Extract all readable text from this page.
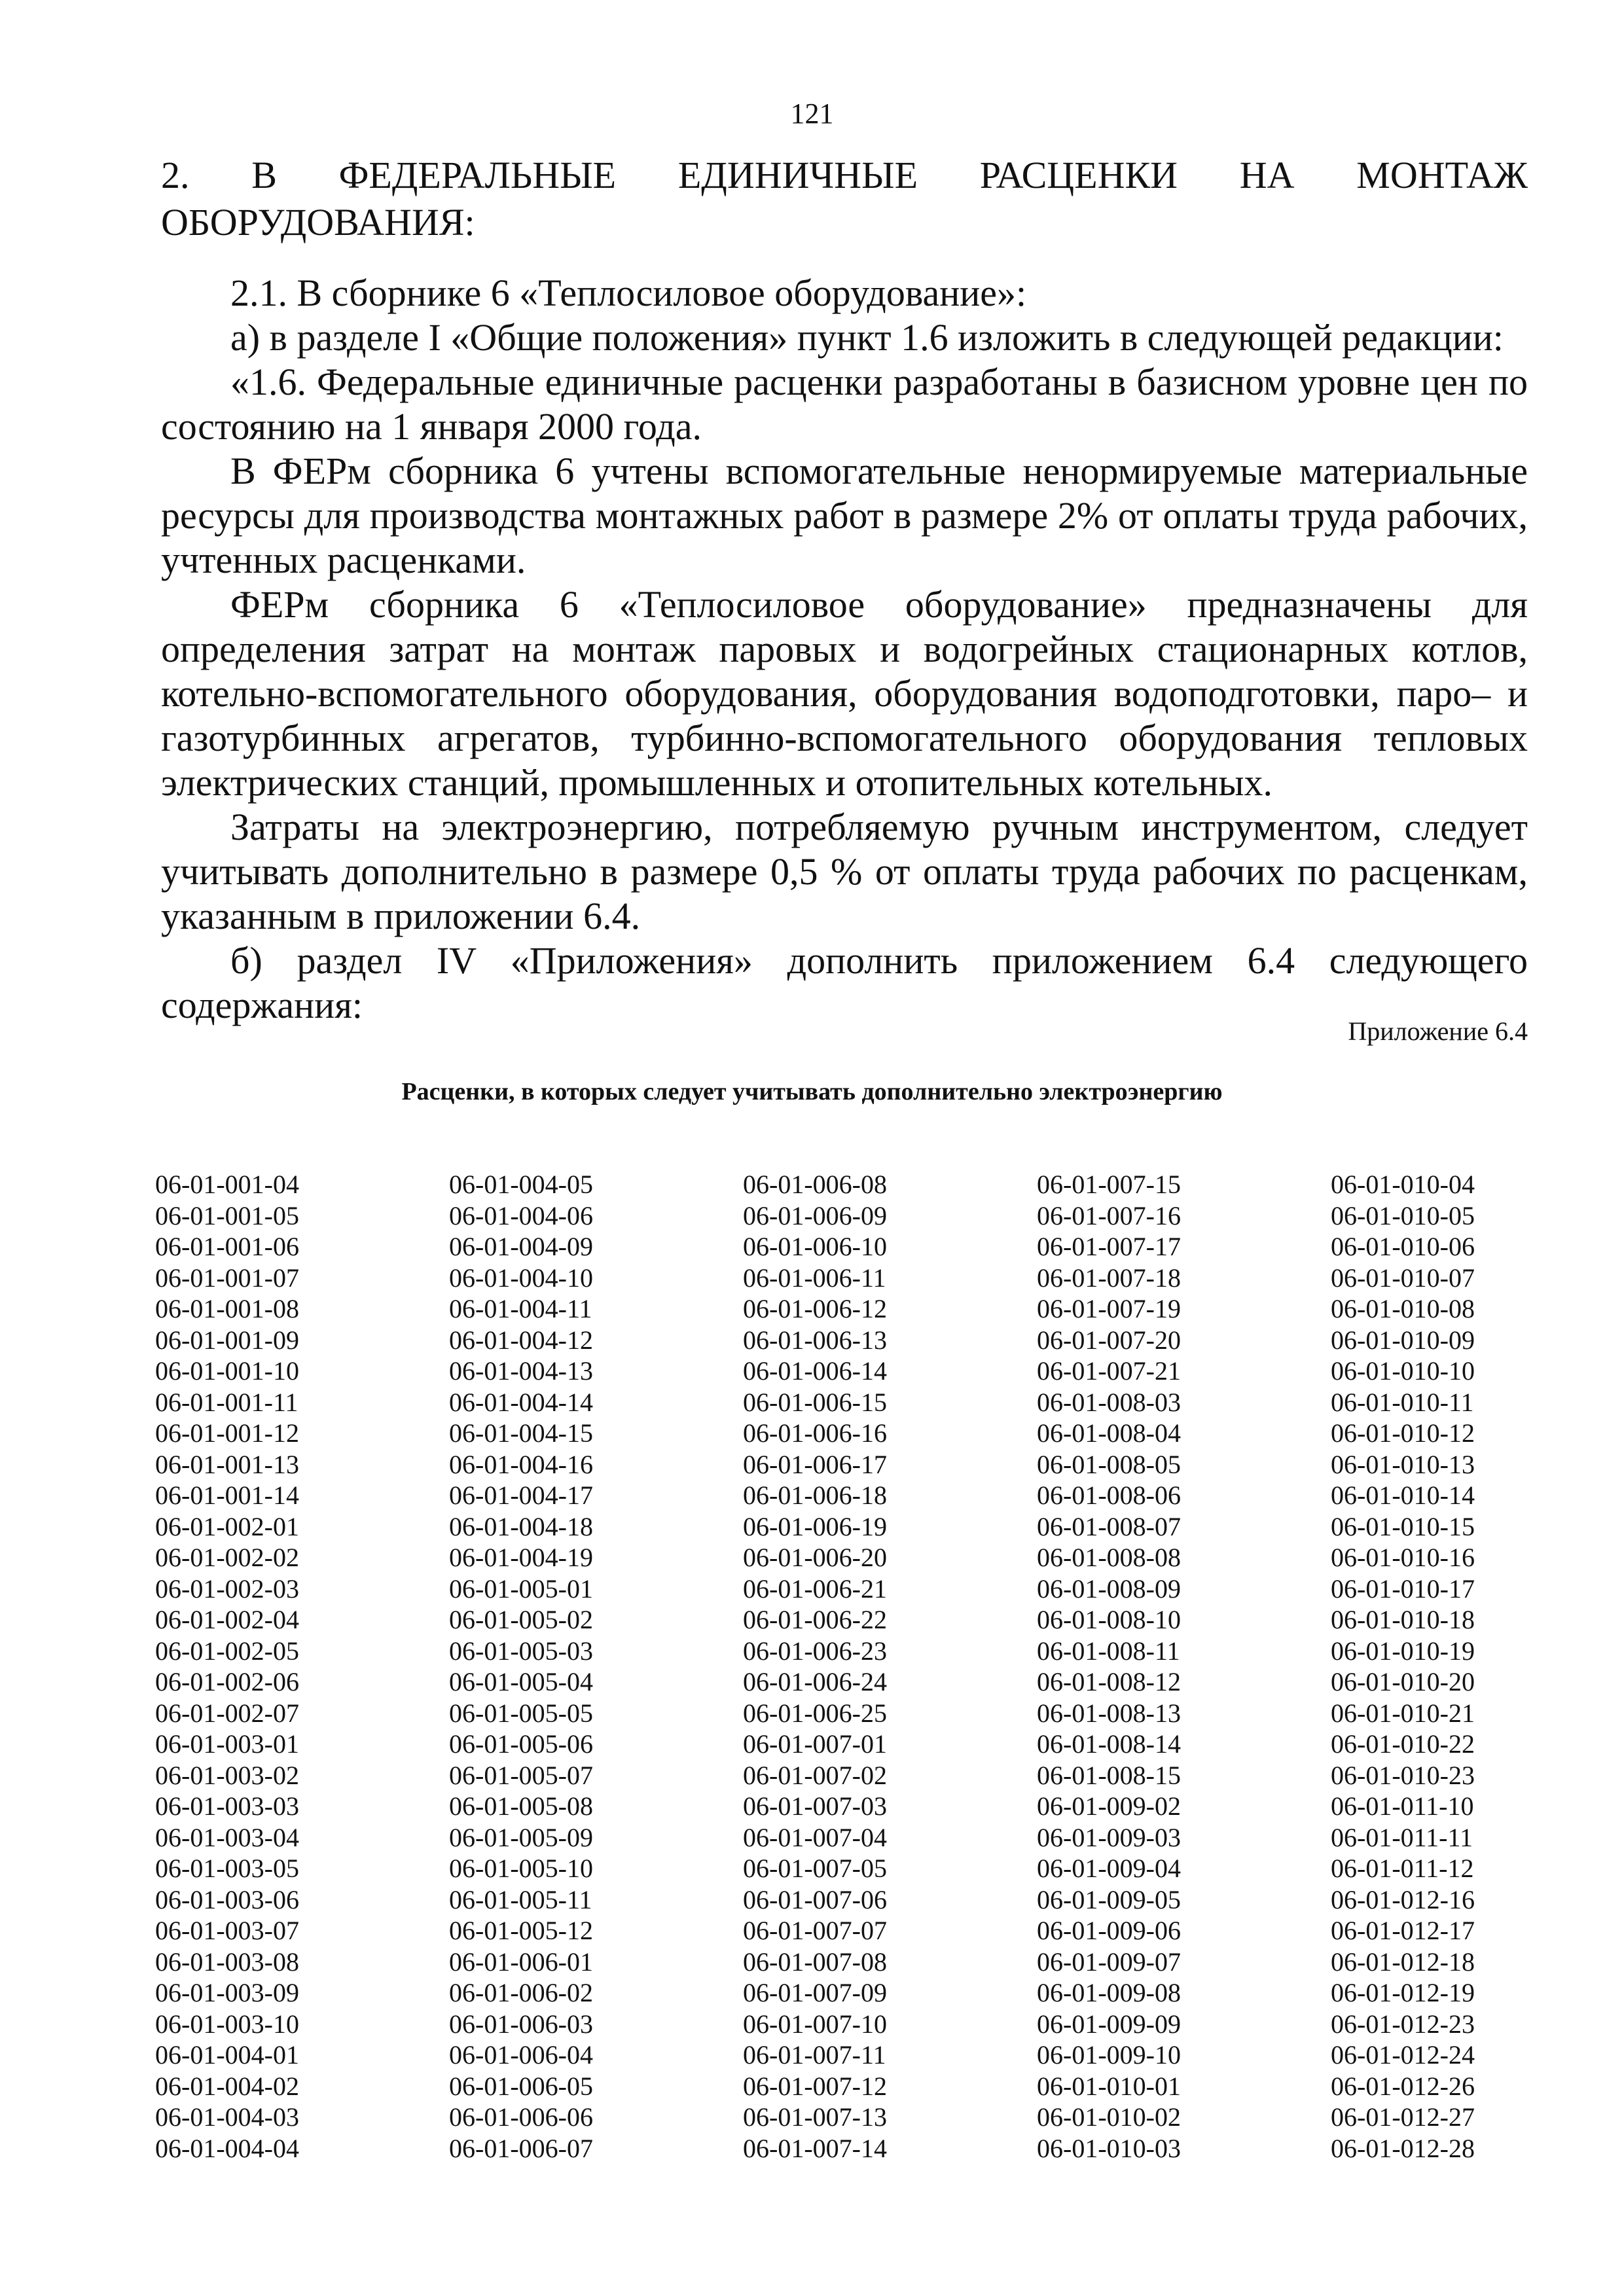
121

2. В ФЕДЕРАЛЬНЫЕ ЕДИНИЧНЫЕ РАСЦЕНКИ НА МОНТАЖ

ОБОРУДОВАНИЯ:

2.1. В сборнике 6 «Теплосиловое оборудование»:

а) в разделе I «Общие положения» пункт 1.6 изложить в следующей редакции:

«1.6. Федеральные единичные расценки разработаны в базисном уровне цен по состоянию на 1 января 2000 года.

В ФЕРм сборника 6 учтены вспомогательные ненормируемые материальные ресурсы для производства монтажных работ в размере 2% от оплаты труда рабочих, учтенных расценками.

ФЕРм сборника 6 «Теплосиловое оборудование» предназначены для определения затрат на монтаж паровых и водогрейных стационарных котлов, котельно-вспомогательного оборудования, оборудования водоподготовки, паро– и газотурбинных агрегатов, турбинно-вспомогательного оборудования тепловых электрических станций, промышленных и отопительных котельных.

Затраты на электроэнергию, потребляемую ручным инструментом, следует учитывать дополнительно в размере 0,5 % от оплаты труда рабочих по расценкам, указанным в приложении 6.4.

б) раздел IV «Приложения» дополнить приложением 6.4 следующего содержания:

Приложение 6.4
Расценки, в которых следует учитывать дополнительно электроэнергию
06-01-001-04
06-01-001-05
06-01-001-06
06-01-001-07
06-01-001-08
06-01-001-09
06-01-001-10
06-01-001-11
06-01-001-12
06-01-001-13
06-01-001-14
06-01-002-01
06-01-002-02
06-01-002-03
06-01-002-04
06-01-002-05
06-01-002-06
06-01-002-07
06-01-003-01
06-01-003-02
06-01-003-03
06-01-003-04
06-01-003-05
06-01-003-06
06-01-003-07
06-01-003-08
06-01-003-09
06-01-003-10
06-01-004-01
06-01-004-02
06-01-004-03
06-01-004-04
06-01-004-05
06-01-004-06
06-01-004-09
06-01-004-10
06-01-004-11
06-01-004-12
06-01-004-13
06-01-004-14
06-01-004-15
06-01-004-16
06-01-004-17
06-01-004-18
06-01-004-19
06-01-005-01
06-01-005-02
06-01-005-03
06-01-005-04
06-01-005-05
06-01-005-06
06-01-005-07
06-01-005-08
06-01-005-09
06-01-005-10
06-01-005-11
06-01-005-12
06-01-006-01
06-01-006-02
06-01-006-03
06-01-006-04
06-01-006-05
06-01-006-06
06-01-006-07
06-01-006-08
06-01-006-09
06-01-006-10
06-01-006-11
06-01-006-12
06-01-006-13
06-01-006-14
06-01-006-15
06-01-006-16
06-01-006-17
06-01-006-18
06-01-006-19
06-01-006-20
06-01-006-21
06-01-006-22
06-01-006-23
06-01-006-24
06-01-006-25
06-01-007-01
06-01-007-02
06-01-007-03
06-01-007-04
06-01-007-05
06-01-007-06
06-01-007-07
06-01-007-08
06-01-007-09
06-01-007-10
06-01-007-11
06-01-007-12
06-01-007-13
06-01-007-14
06-01-007-15
06-01-007-16
06-01-007-17
06-01-007-18
06-01-007-19
06-01-007-20
06-01-007-21
06-01-008-03
06-01-008-04
06-01-008-05
06-01-008-06
06-01-008-07
06-01-008-08
06-01-008-09
06-01-008-10
06-01-008-11
06-01-008-12
06-01-008-13
06-01-008-14
06-01-008-15
06-01-009-02
06-01-009-03
06-01-009-04
06-01-009-05
06-01-009-06
06-01-009-07
06-01-009-08
06-01-009-09
06-01-009-10
06-01-010-01
06-01-010-02
06-01-010-03
06-01-010-04
06-01-010-05
06-01-010-06
06-01-010-07
06-01-010-08
06-01-010-09
06-01-010-10
06-01-010-11
06-01-010-12
06-01-010-13
06-01-010-14
06-01-010-15
06-01-010-16
06-01-010-17
06-01-010-18
06-01-010-19
06-01-010-20
06-01-010-21
06-01-010-22
06-01-010-23
06-01-011-10
06-01-011-11
06-01-011-12
06-01-012-16
06-01-012-17
06-01-012-18
06-01-012-19
06-01-012-23
06-01-012-24
06-01-012-26
06-01-012-27
06-01-012-28
